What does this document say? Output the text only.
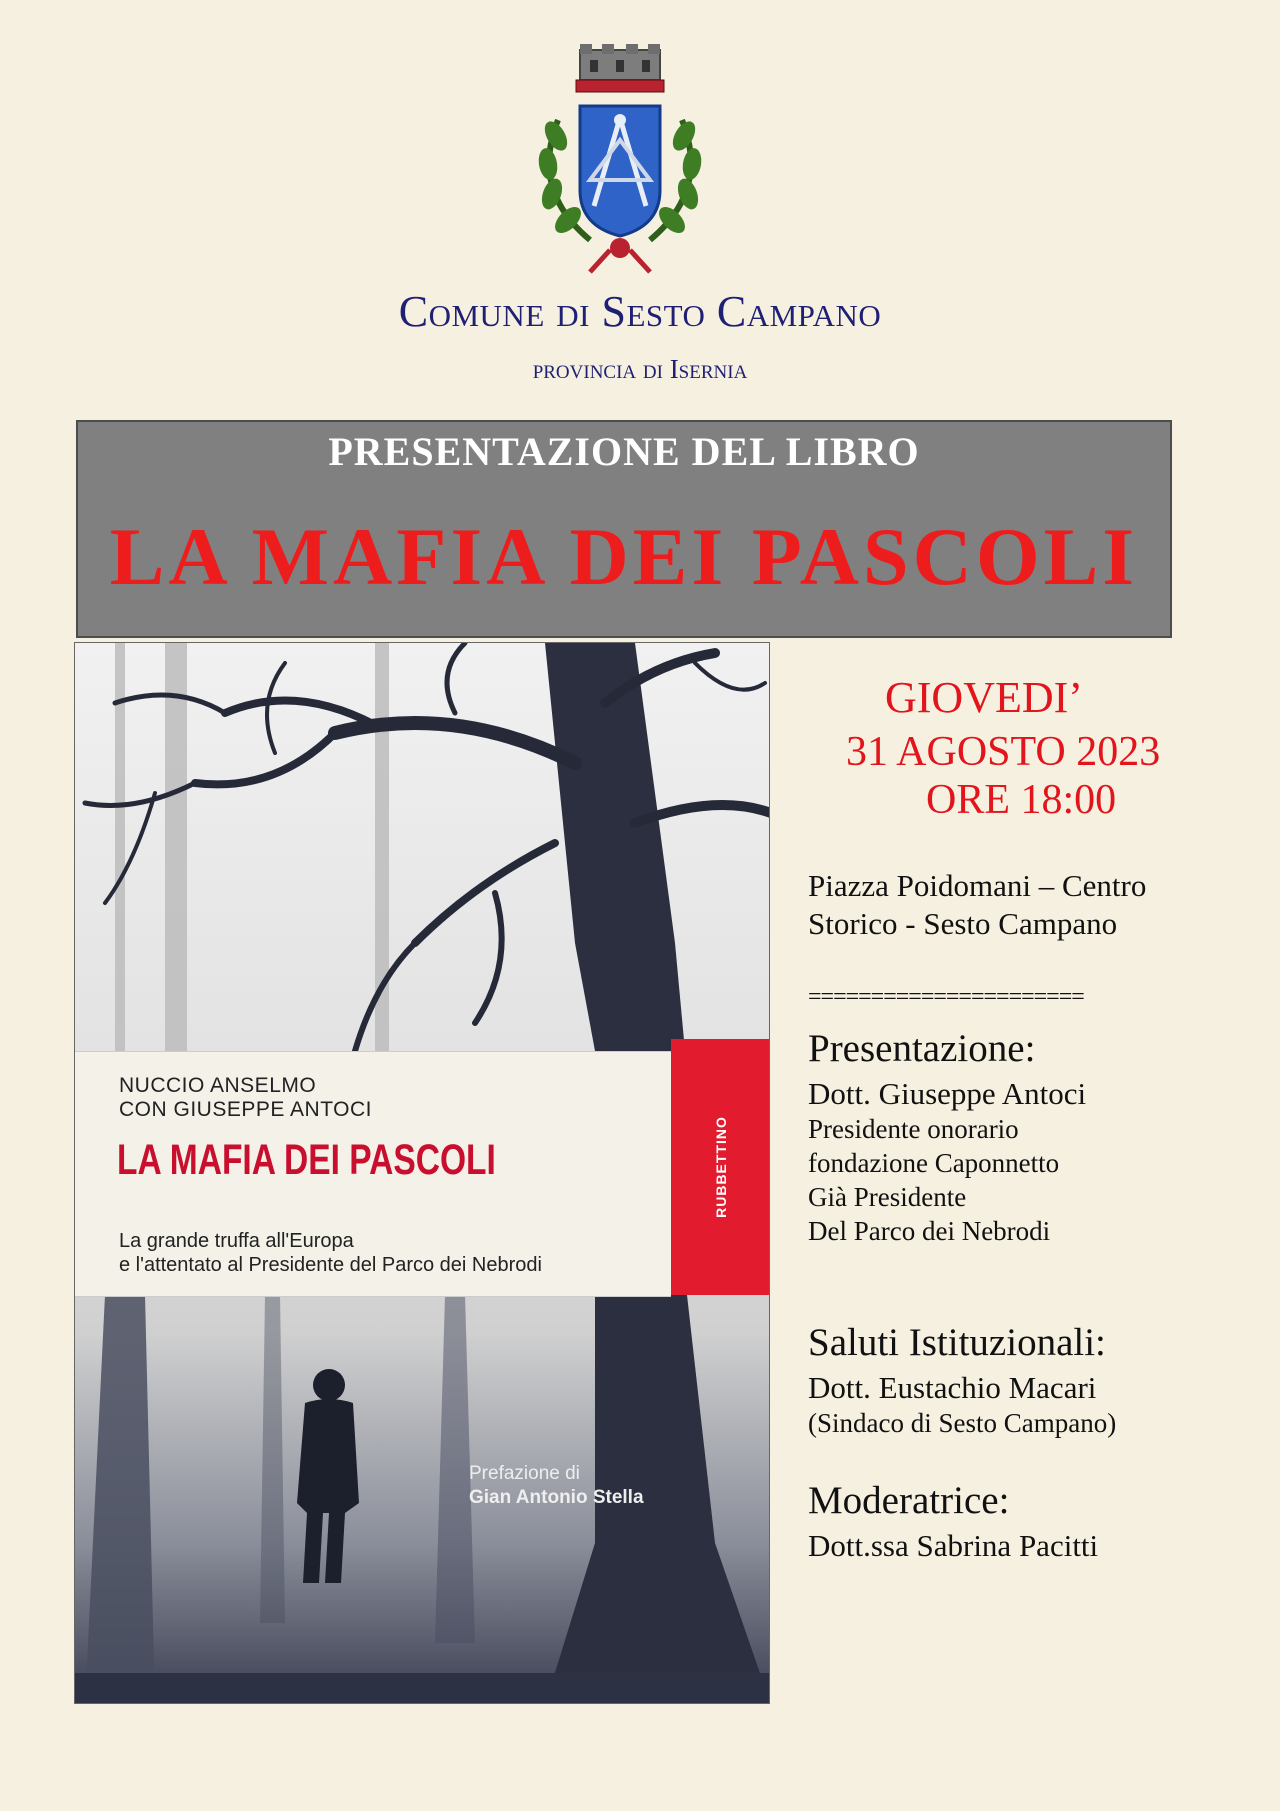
Comune di Sesto Campano
provincia di Isernia
PRESENTAZIONE DEL LIBRO
LA MAFIA DEI PASCOLI
NUCCIO ANSELMO
CON GIUSEPPE ANTOCI
LA MAFIA DEI PASCOLI
La grande truffa all'Europa
e l'attentato al Presidente del Parco dei Nebrodi
RUBBETTINO
Prefazione di
Gian Antonio Stella
GIOVEDI’
31 AGOSTO 2023
ORE 18:00
Piazza Poidomani – Centro
Storico - Sesto Campano
======================
Presentazione:
Dott. Giuseppe Antoci
Presidente onorario
fondazione Caponnetto
Già Presidente
Del Parco dei Nebrodi
Saluti Istituzionali:
Dott. Eustachio Macari
(Sindaco di Sesto Campano)
Moderatrice:
Dott.ssa Sabrina Pacitti
